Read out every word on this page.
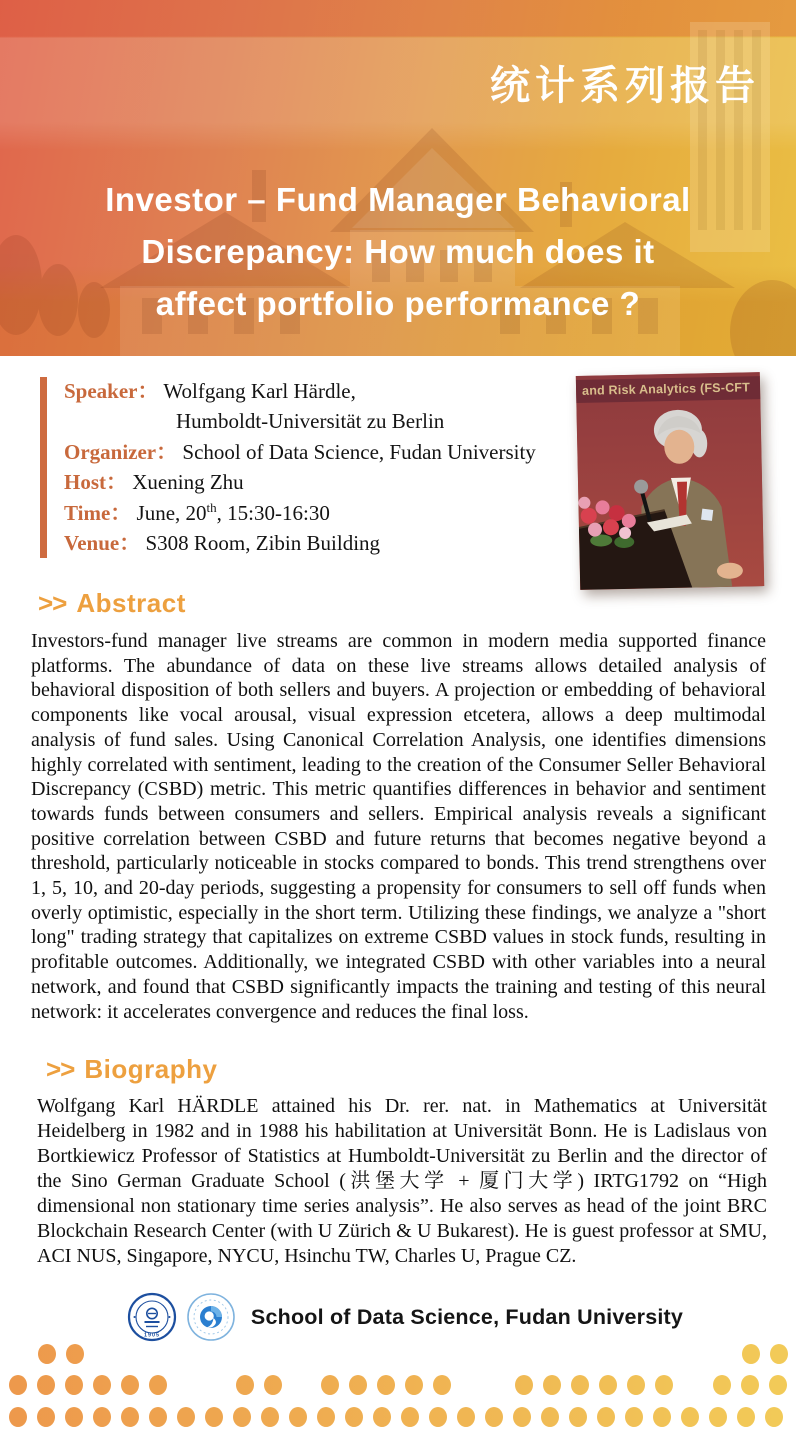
统计系列报告
Investor – Fund Manager Behavioral
Discrepancy: How much does it
affect portfolio performance ?
Speaker： Wolfgang Karl Härdle,
Humboldt-Universität zu Berlin
Organizer： School of Data Science, Fudan University
Host： Xuening Zhu
Time： June, 20th, 15:30-16:30
Venue： S308 Room, Zibin Building
and Risk Analytics (FS-CFT
>> Abstract

Investors-fund manager live streams are common in modern media supported finance platforms. The abundance of data on these live streams allows detailed analysis of behavioral disposition of both sellers and buyers. A projection or embedding of behavioral components like vocal arousal, visual expression etcetera, allows a deep multimodal analysis of fund sales. Using Canonical Correlation Analysis, one identifies dimensions highly correlated with sentiment, leading to the creation of the Consumer Seller Behavioral Discrepancy (CSBD) metric. This metric quantifies differences in behavior and sentiment towards funds between consumers and sellers. Empirical analysis reveals a significant positive correlation between CSBD and future returns that becomes negative beyond a threshold, particularly noticeable in stocks compared to bonds. This trend strengthens over 1, 5, 10, and 20-day periods, suggesting a propensity for consumers to sell off funds when overly optimistic, especially in the short term. Utilizing these findings, we analyze a "short long" trading strategy that capitalizes on extreme CSBD values in stock funds, resulting in profitable outcomes. Additionally, we integrated CSBD with other variables into a neural network, and found that CSBD significantly impacts the training and testing of this neural network: it accelerates convergence and reduces the final loss.

>> Biography

Wolfgang Karl HÄRDLE attained his Dr. rer. nat. in Mathematics at Universität Heidelberg in 1982 and in 1988 his habilitation at Universität Bonn. He is Ladislaus von Bortkiewicz Professor of Statistics at Humboldt-Universität zu Berlin and the director of the Sino German Graduate School (洪堡大学 + 厦门大学) IRTG1792 on “High dimensional non stationary time series analysis”. He also serves as head of the joint BRC Blockchain Research Center (with U Zürich & U Bukarest). He is guest professor at SMU, ACI NUS, Singapore, NYCU, Hsinchu TW, Charles U, Prague CZ.

1905
School of Data Science, Fudan University
